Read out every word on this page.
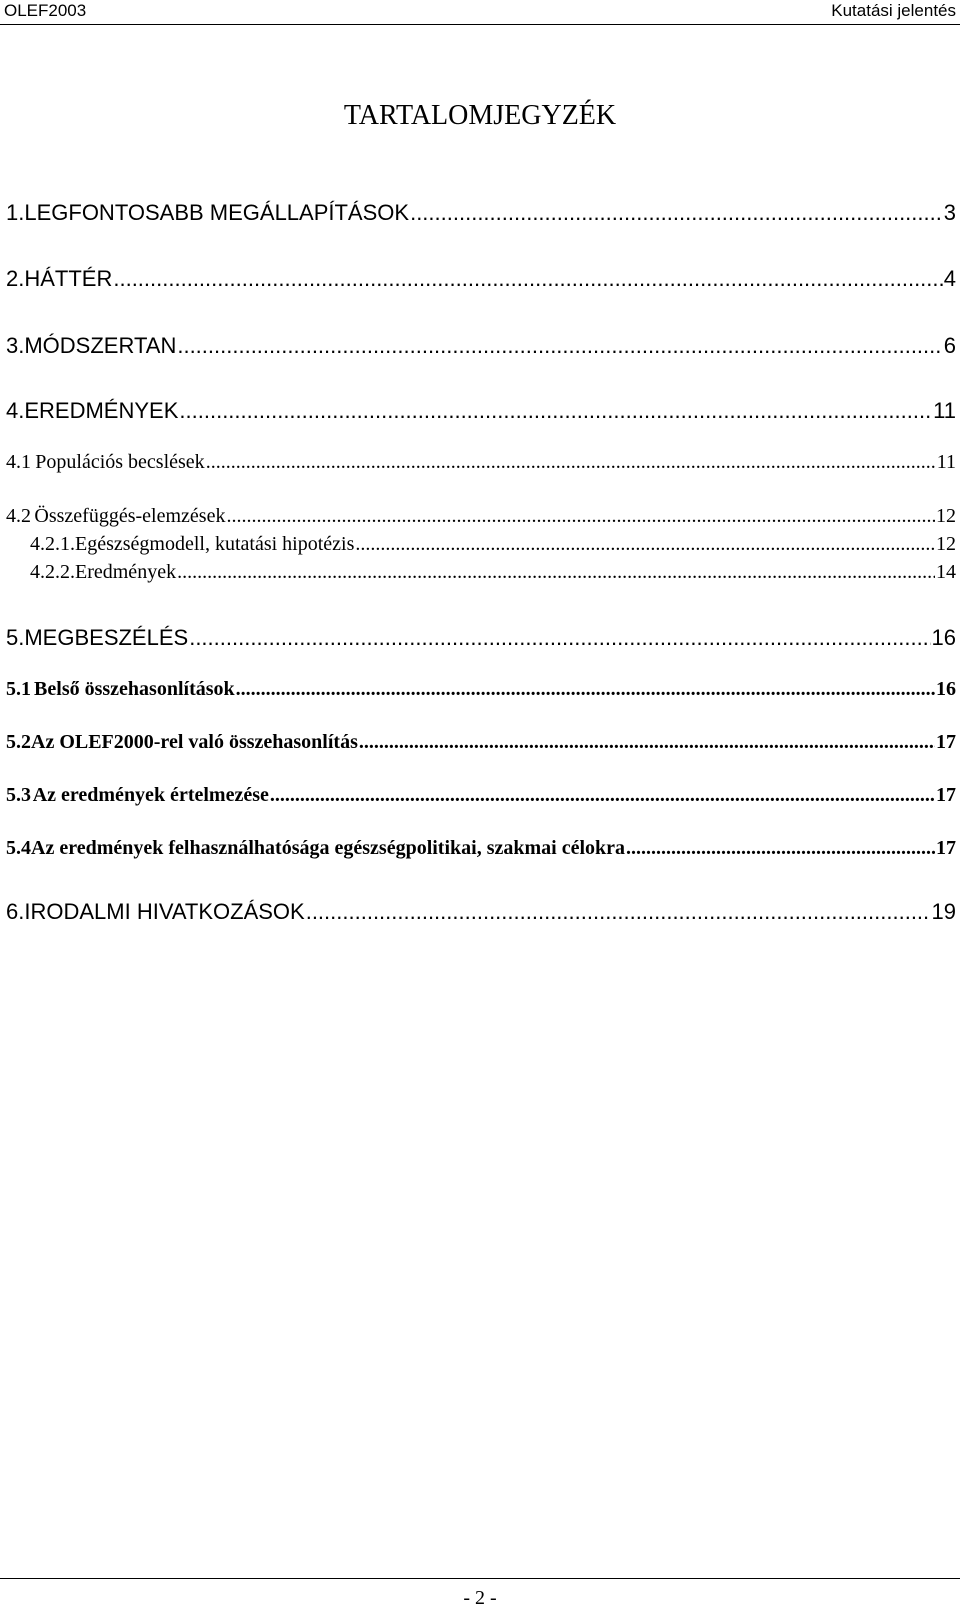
OLEF2003	Kutatási jelentés
TARTALOMJEGYZÉK
1. LEGFONTOSABB MEGÁLLAPÍTÁSOK .....	3
2. HÁTTÉR .....	4
3. MÓDSZERTAN .....	6
4. EREDMÉNYEK .....	11
4.1 Populációs becslések .....	11
4.2 Összefüggés-elemzések .....	12
4.2.1. Egészségmodell, kutatási hipotézis .....	12
4.2.2. Eredmények .....	14
5. MEGBESZÉLÉS .....	16
5.1 Belső összehasonlítások .....	16
5.2 Az OLEF2000-rel való összehasonlítás .....	17
5.3 Az eredmények értelmezése .....	17
5.4 Az eredmények felhasználhatósága egészségpolitikai, szakmai célokra .....	17
6. IRODALMI HIVATKOZÁSOK .....	19
- 2 -
